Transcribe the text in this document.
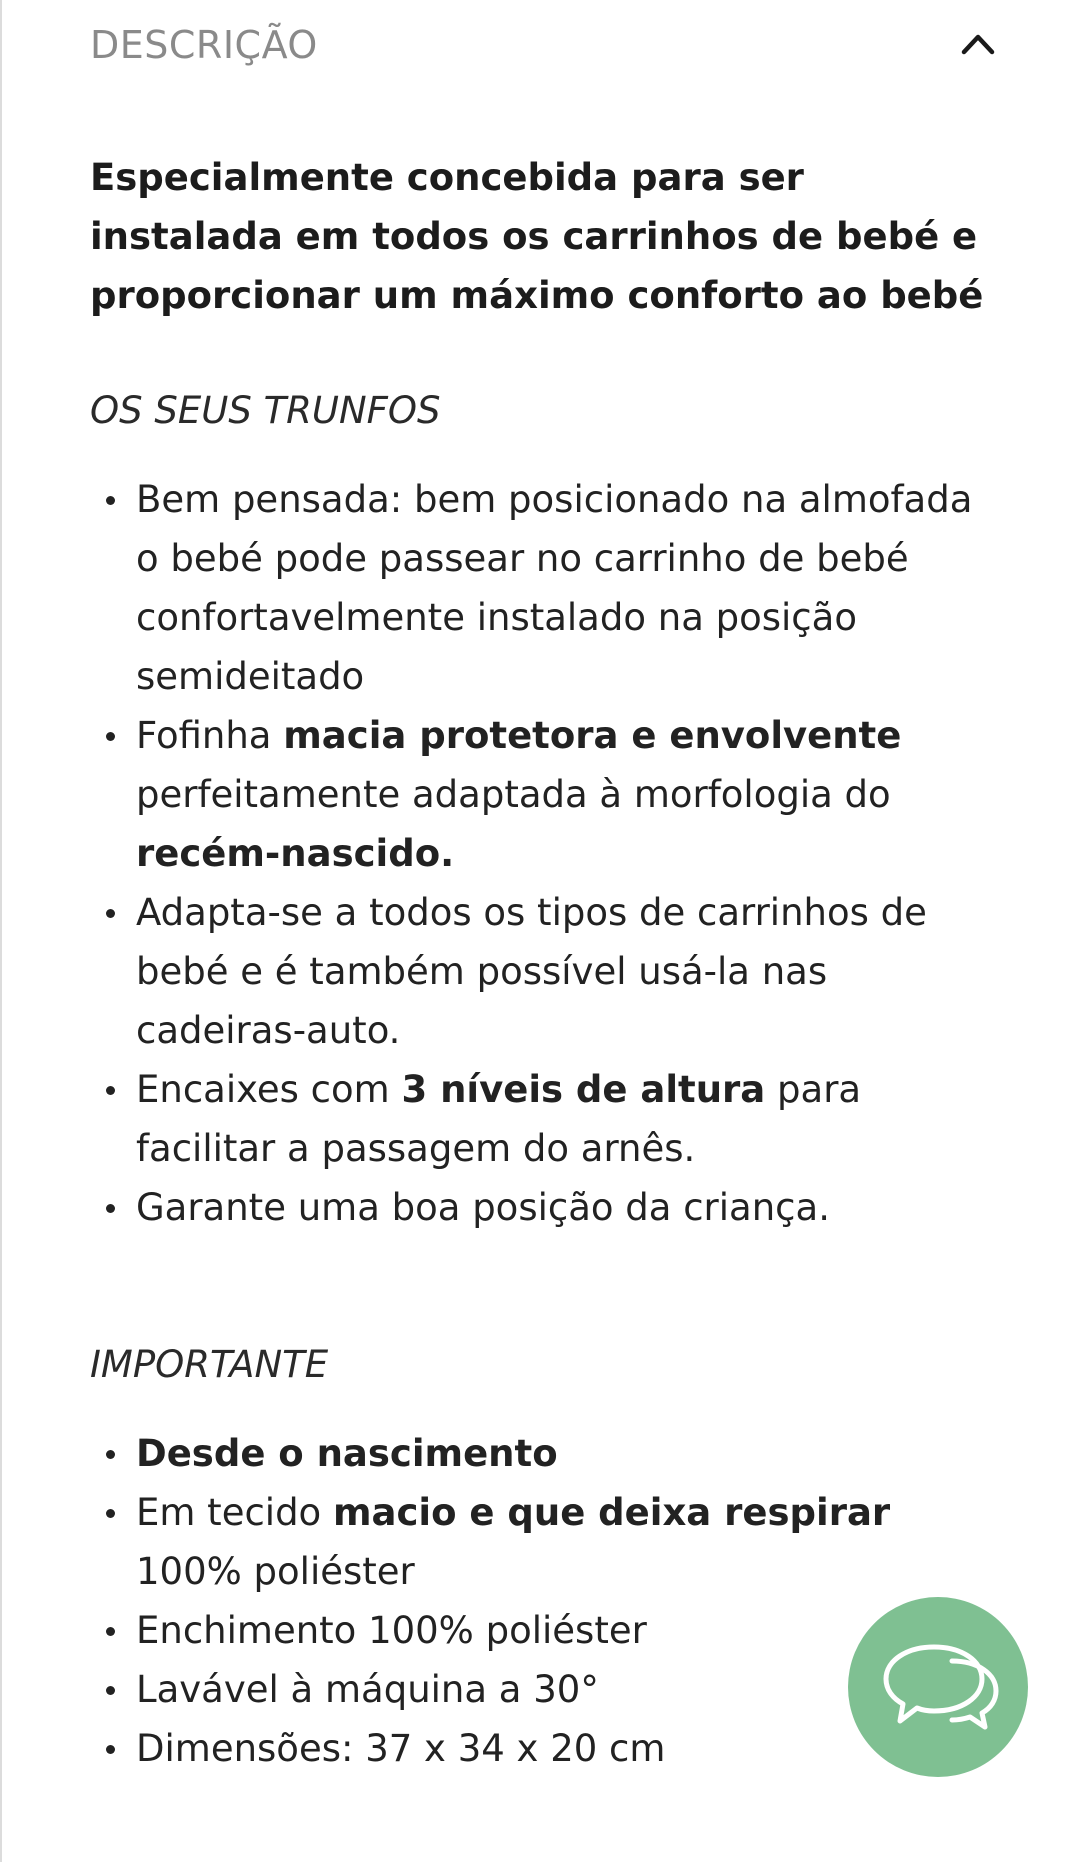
DESCRIÇÃO

Especialmente concebida para ser instalada em todos os carrinhos de bebé e proporcionar um máximo conforto ao bebé

OS SEUS TRUNFOS

Bem pensada: bem posicionado na almofada o bebé pode passear no carrinho de bebé confortavelmente instalado na posição semideitado
Fofinha macia protetora e envolvente perfeitamente adaptada à morfologia do recém-nascido.
Adapta-se a todos os tipos de carrinhos de bebé e é também possível usá-la nas cadeiras-auto.
Encaixes com 3 níveis de altura para facilitar a passagem do arnês.
Garante uma boa posição da criança.

IMPORTANTE

Desde o nascimento
Em tecido macio e que deixa respirar 100% poliéster
Enchimento 100% poliéster
Lavável à máquina a 30°
Dimensões: 37 x 34 x 20 cm
